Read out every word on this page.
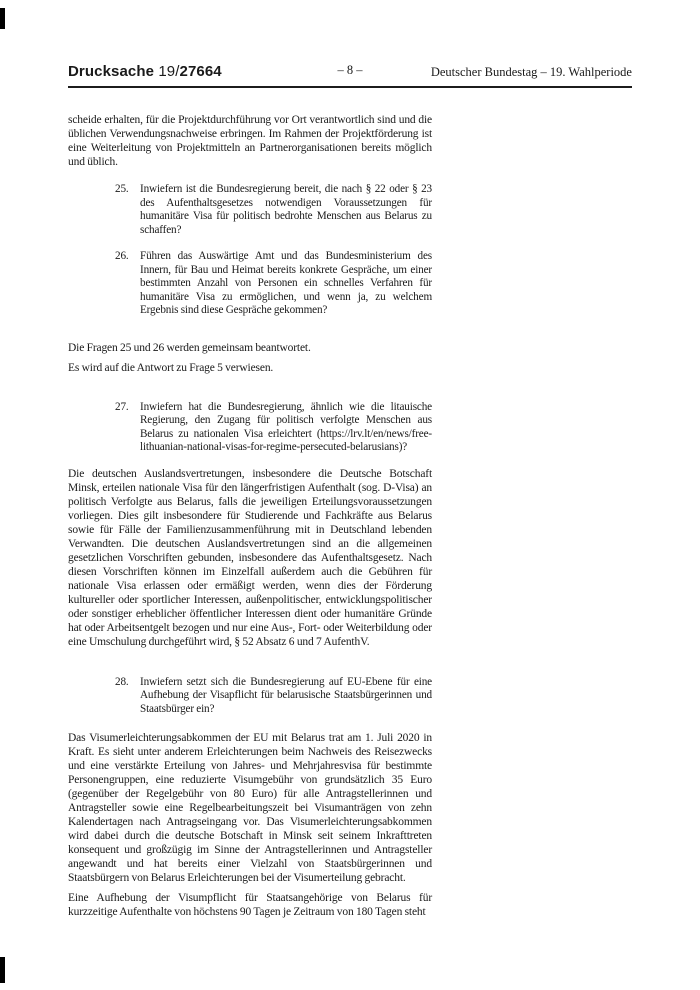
Drucksache 19/27664	– 8 –	Deutscher Bundestag – 19. Wahlperiode

scheide erhalten, für die Projektdurchführung vor Ort verantwortlich sind und die üblichen Verwendungsnachweise erbringen. Im Rahmen der Projektförderung ist eine Weiterleitung von Projektmitteln an Partnerorganisationen bereits möglich und üblich.

25.	Inwiefern ist die Bundesregierung bereit, die nach § 22 oder § 23 des Aufenthaltsgesetzes notwendigen Voraussetzungen für humanitäre Visa für politisch bedrohte Menschen aus Belarus zu schaffen?
26.	Führen das Auswärtige Amt und das Bundesministerium des Innern, für Bau und Heimat bereits konkrete Gespräche, um einer bestimmten Anzahl von Personen ein schnelles Verfahren für humanitäre Visa zu ermöglichen, und wenn ja, zu welchem Ergebnis sind diese Gespräche gekommen?

Die Fragen 25 und 26 werden gemeinsam beantwortet.

Es wird auf die Antwort zu Frage 5 verwiesen.

27.	Inwiefern hat die Bundesregierung, ähnlich wie die litauische Regierung, den Zugang für politisch verfolgte Menschen aus Belarus zu nationalen Visa erleichtert (https://lrv.lt/en/news/free-lithuanian-national-visas-for-regime-persecuted-belarusians)?

Die deutschen Auslandsvertretungen, insbesondere die Deutsche Botschaft Minsk, erteilen nationale Visa für den längerfristigen Aufenthalt (sog. D-Visa) an politisch Verfolgte aus Belarus, falls die jeweiligen Erteilungsvoraussetzungen vorliegen. Dies gilt insbesondere für Studierende und Fachkräfte aus Belarus sowie für Fälle der Familienzusammenführung mit in Deutschland lebenden Verwandten. Die deutschen Auslandsvertretungen sind an die allgemeinen gesetzlichen Vorschriften gebunden, insbesondere das Aufenthaltsgesetz. Nach diesen Vorschriften können im Einzelfall außerdem auch die Gebühren für nationale Visa erlassen oder ermäßigt werden, wenn dies der Förderung kultureller oder sportlicher Interessen, außenpolitischer, entwicklungspolitischer oder sonstiger erheblicher öffentlicher Interessen dient oder humanitäre Gründe hat oder Arbeitsentgelt bezogen und nur eine Aus-, Fort- oder Weiterbildung oder eine Umschulung durchgeführt wird, § 52 Absatz 6 und 7 AufenthV.

28.	Inwiefern setzt sich die Bundesregierung auf EU-Ebene für eine Aufhebung der Visapflicht für belarusische Staatsbürgerinnen und Staatsbürger ein?

Das Visumerleichterungsabkommen der EU mit Belarus trat am 1. Juli 2020 in Kraft. Es sieht unter anderem Erleichterungen beim Nachweis des Reisezwecks und eine verstärkte Erteilung von Jahres- und Mehrjahresvisa für bestimmte Personengruppen, eine reduzierte Visumgebühr von grundsätzlich 35 Euro (gegenüber der Regelgebühr von 80 Euro) für alle Antragstellerinnen und Antragsteller sowie eine Regelbearbeitungszeit bei Visumanträgen von zehn Kalendertagen nach Antragseingang vor. Das Visumerleichterungsabkommen wird dabei durch die deutsche Botschaft in Minsk seit seinem Inkrafttreten konsequent und großzügig im Sinne der Antragstellerinnen und Antragsteller angewandt und hat bereits einer Vielzahl von Staatsbürgerinnen und Staatsbürgern von Belarus Erleichterungen bei der Visumerteilung gebracht.

Eine Aufhebung der Visumpflicht für Staatsangehörige von Belarus für kurzzeitige Aufenthalte von höchstens 90 Tagen je Zeitraum von 180 Tagen steht
